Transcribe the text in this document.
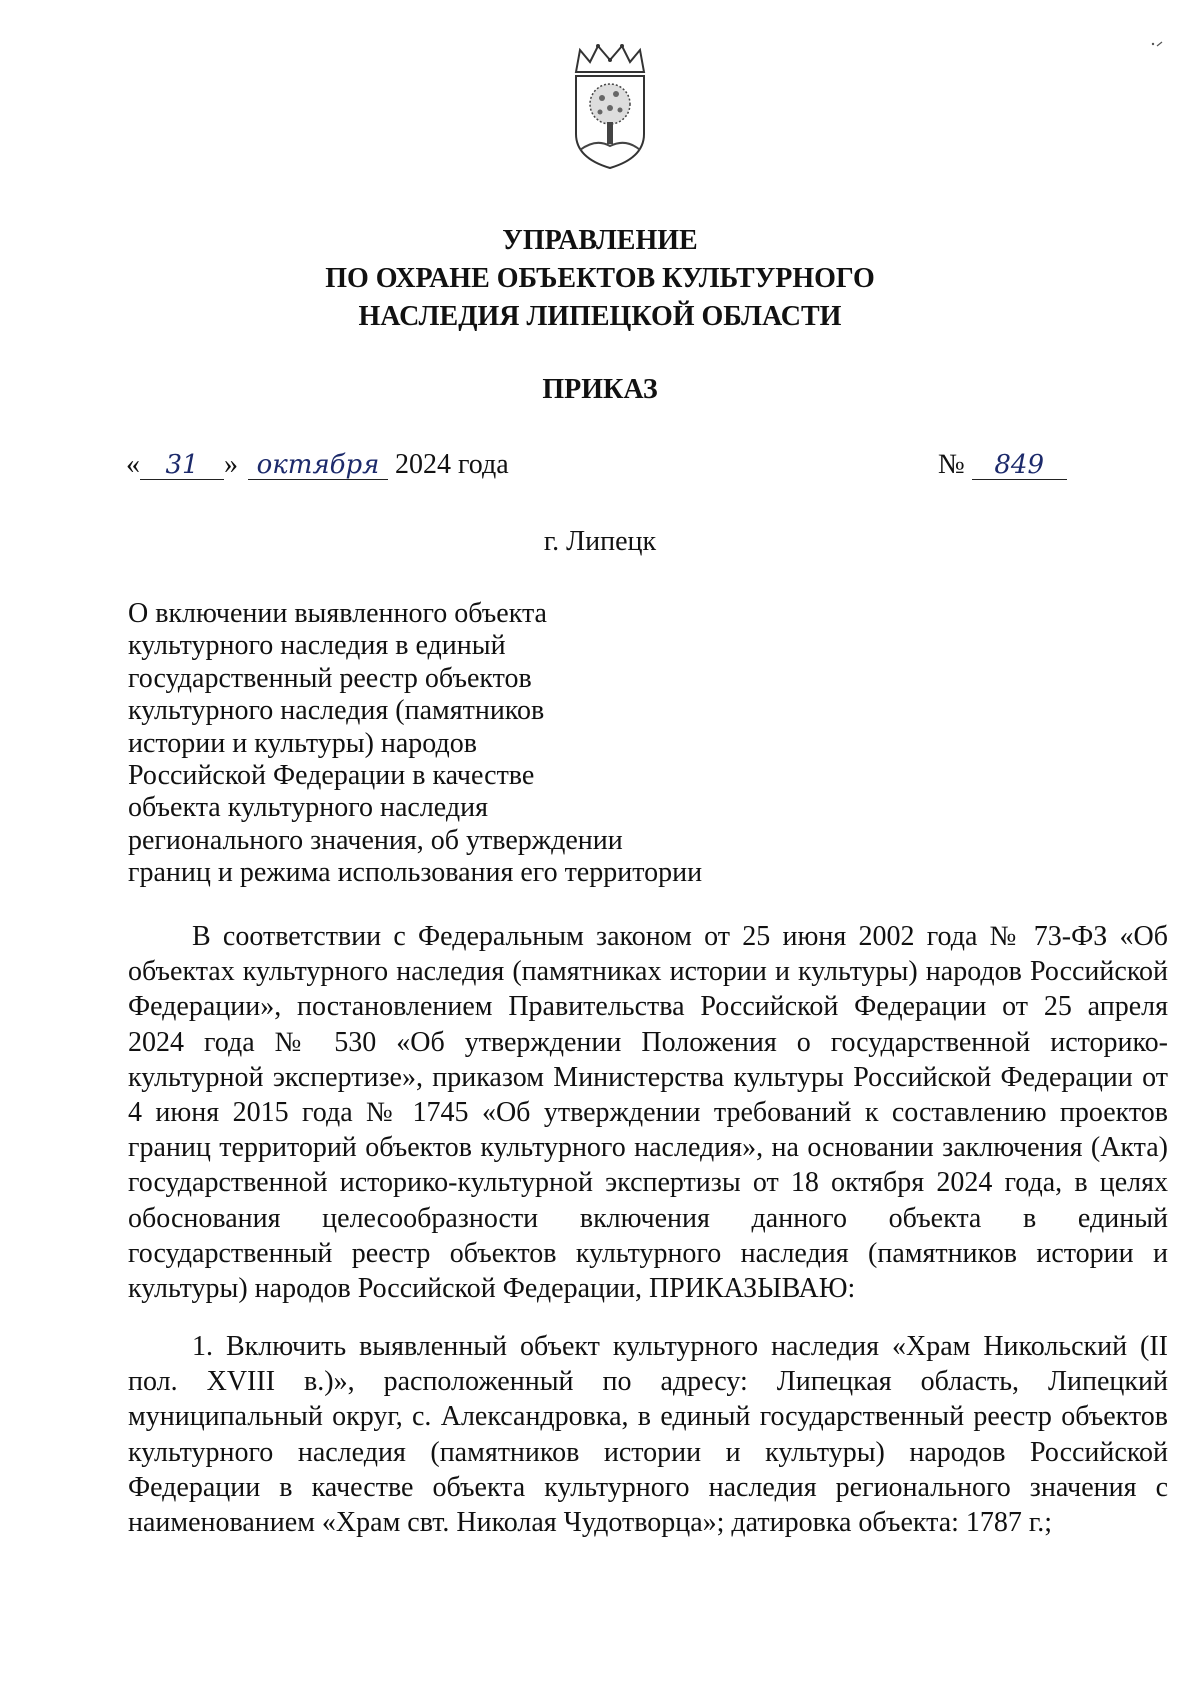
УПРАВЛЕНИЕ
ПО ОХРАНЕ ОБЪЕКТОВ КУЛЬТУРНОГО
НАСЛЕДИЯ ЛИПЕЦКОЙ ОБЛАСТИ
ПРИКАЗ
« 31 » октября 2024 года	№ 849
г. Липецк
О включении выявленного объекта
культурного наследия в единый
государственный реестр объектов
культурного наследия (памятников
истории и культуры) народов
Российской Федерации в качестве
объекта культурного наследия
регионального значения, об утверждении
границ и режима использования его территории

В соответствии с Федеральным законом от 25 июня 2002 года № 73-ФЗ «Об объектах культурного наследия (памятниках истории и культуры) народов Российской Федерации», постановлением Правительства Российской Федерации от 25 апреля 2024 года № 530 «Об утверждении Положения о государственной историко-культурной экспертизе», приказом Министерства культуры Российской Федерации от 4 июня 2015 года № 1745 «Об утверждении требований к составлению проектов границ территорий объектов культурного наследия», на основании заключения (Акта) государственной историко-культурной экспертизы от 18 октября 2024 года, в целях обоснования целесообразности включения данного объекта в единый государственный реестр объектов культурного наследия (памятников истории и культуры) народов Российской Федерации, ПРИКАЗЫВАЮ:

1. Включить выявленный объект культурного наследия «Храм Никольский (II пол. XVIII в.)», расположенный по адресу: Липецкая область, Липецкий муниципальный округ, с. Александровка, в единый государственный реестр объектов культурного наследия (памятников истории и культуры) народов Российской Федерации в качестве объекта культурного наследия регионального значения с наименованием «Храм свт. Николая Чудотворца»; датировка объекта: 1787 г.;
